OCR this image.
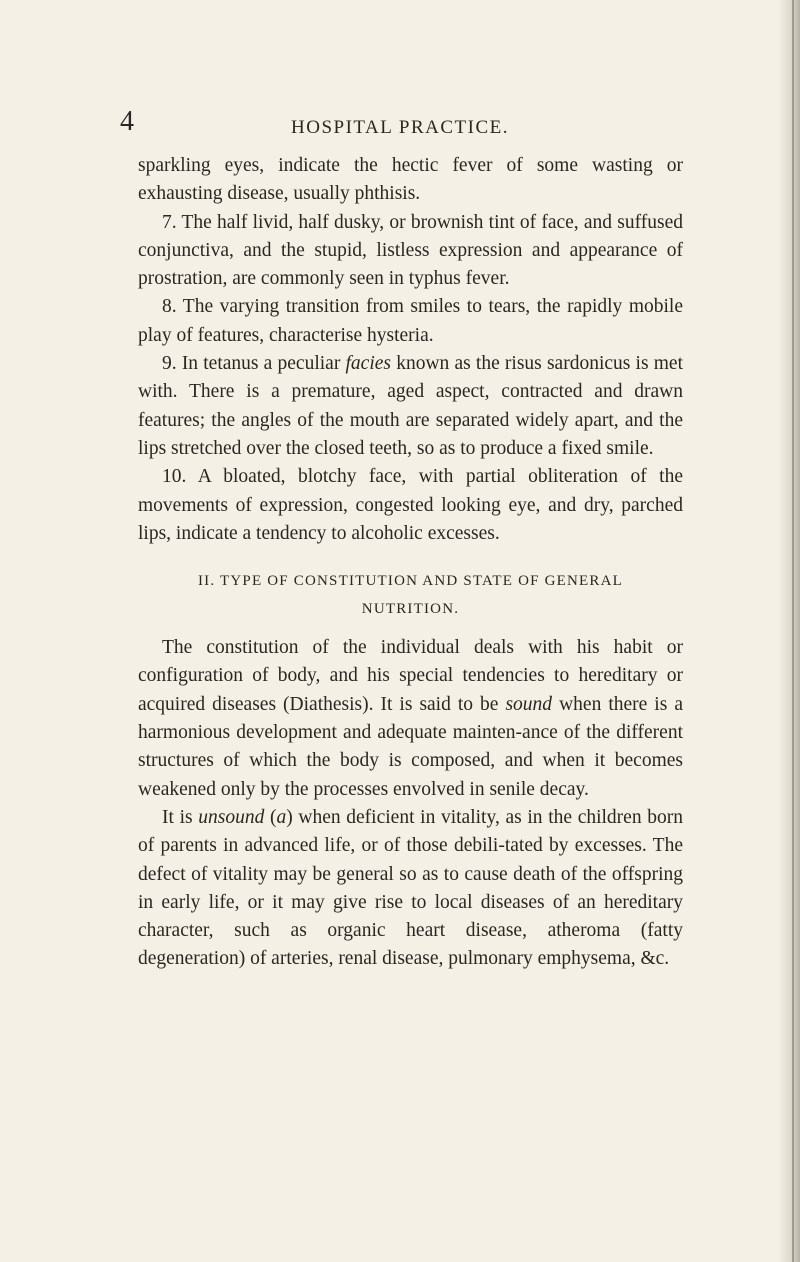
4	HOSPITAL PRACTICE.

sparkling eyes, indicate the hectic fever of some wasting or exhausting disease, usually phthisis.

7. The half livid, half dusky, or brownish tint of face, and suffused conjunctiva, and the stupid, listless expression and appearance of prostration, are commonly seen in typhus fever.

8. The varying transition from smiles to tears, the rapidly mobile play of features, characterise hysteria.

9. In tetanus a peculiar facies known as the risus sardonicus is met with. There is a premature, aged aspect, contracted and drawn features; the angles of the mouth are separated widely apart, and the lips stretched over the closed teeth, so as to produce a fixed smile.

10. A bloated, blotchy face, with partial obliteration of the movements of expression, congested looking eye, and dry, parched lips, indicate a tendency to alcoholic excesses.

II. TYPE OF CONSTITUTION AND STATE OF GENERAL
NUTRITION.

The constitution of the individual deals with his habit or configuration of body, and his special tendencies to hereditary or acquired diseases (Diathesis). It is said to be sound when there is a harmonious development and adequate mainten-ance of the different structures of which the body is composed, and when it becomes weakened only by the processes envolved in senile decay.

It is unsound (a) when deficient in vitality, as in the children born of parents in advanced life, or of those debili-tated by excesses. The defect of vitality may be general so as to cause death of the offspring in early life, or it may give rise to local diseases of an hereditary character, such as organic heart disease, atheroma (fatty degeneration) of arteries, renal disease, pulmonary emphysema, &c.
